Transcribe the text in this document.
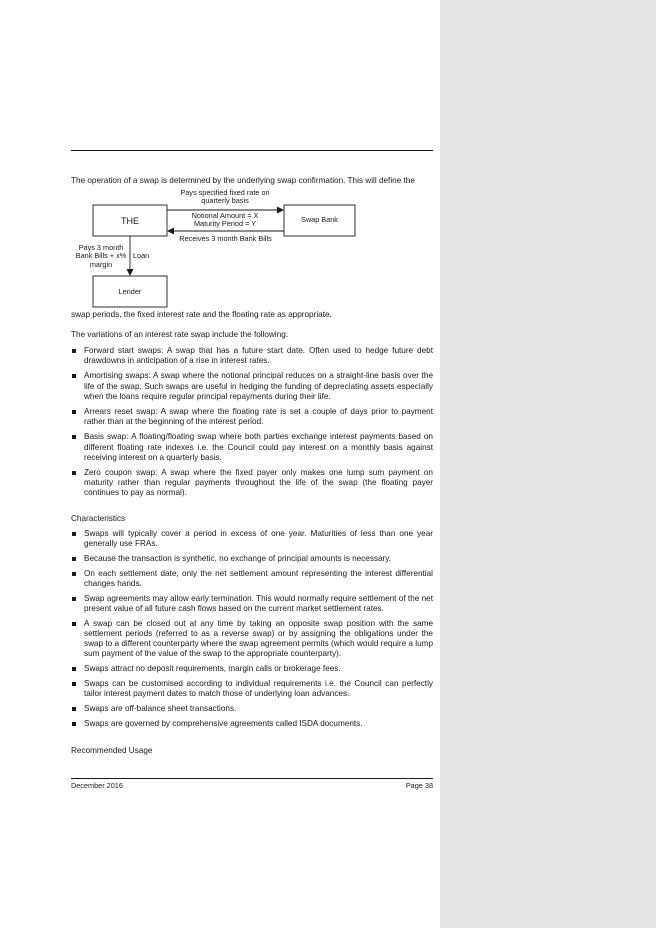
The operation of a swap is determined by the underlying swap confirmation. This will define the

THE	Swap Bank

Lender

Pays specified fixed rate on quarterly basis

Notional Amount = X

Maturity Period = Y

Receives 3 month Bank Bills

Pays 3 month Bank Bills + x% margin

Loan

swap periods, the fixed interest rate and the floating rate as appropriate.

The variations of an interest rate swap include the following:

Forward start swaps: A swap that has a future start date. Often used to hedge future debt drawdowns in anticipation of a rise in interest rates.
Amortising swaps: A swap where the notional principal reduces on a straight-line basis over the life of the swap. Such swaps are useful in hedging the funding of depreciating assets especially when the loans require regular principal repayments during their life.
Arrears reset swap: A swap where the floating rate is set a couple of days prior to payment rather than at the beginning of the interest period.
Basis swap: A floating/floating swap where both parties exchange interest payments based on different floating rate indexes i.e. the Council could pay interest on a monthly basis against receiving interest on a quarterly basis.
Zero coupon swap: A swap where the fixed payer only makes one lump sum payment on maturity rather than regular payments throughout the life of the swap (the floating payer continues to pay as normal).

Characteristics

Swaps will typically cover a period in excess of one year. Maturities of less than one year generally use FRAs.
Because the transaction is synthetic, no exchange of principal amounts is necessary.
On each settlement date, only the net settlement amount representing the interest differential changes hands.
Swap agreements may allow early termination. This would normally require settlement of the net present value of all future cash flows based on the current market settlement rates.
A swap can be closed out at any time by taking an opposite swap position with the same settlement periods (referred to as a reverse swap) or by assigning the obligations under the swap to a different counterparty where the swap agreement permits (which would require a lump sum payment of the value of the swap to the appropriate counterparty).
Swaps attract no deposit requirements, margin calls or brokerage fees.
Swaps can be customised according to individual requirements i.e. the Council can perfectly tailor interest payment dates to match those of underlying loan advances.
Swaps are off-balance sheet transactions.
Swaps are governed by comprehensive agreements called ISDA documents.

Recommended Usage

December 2016	Page 38
